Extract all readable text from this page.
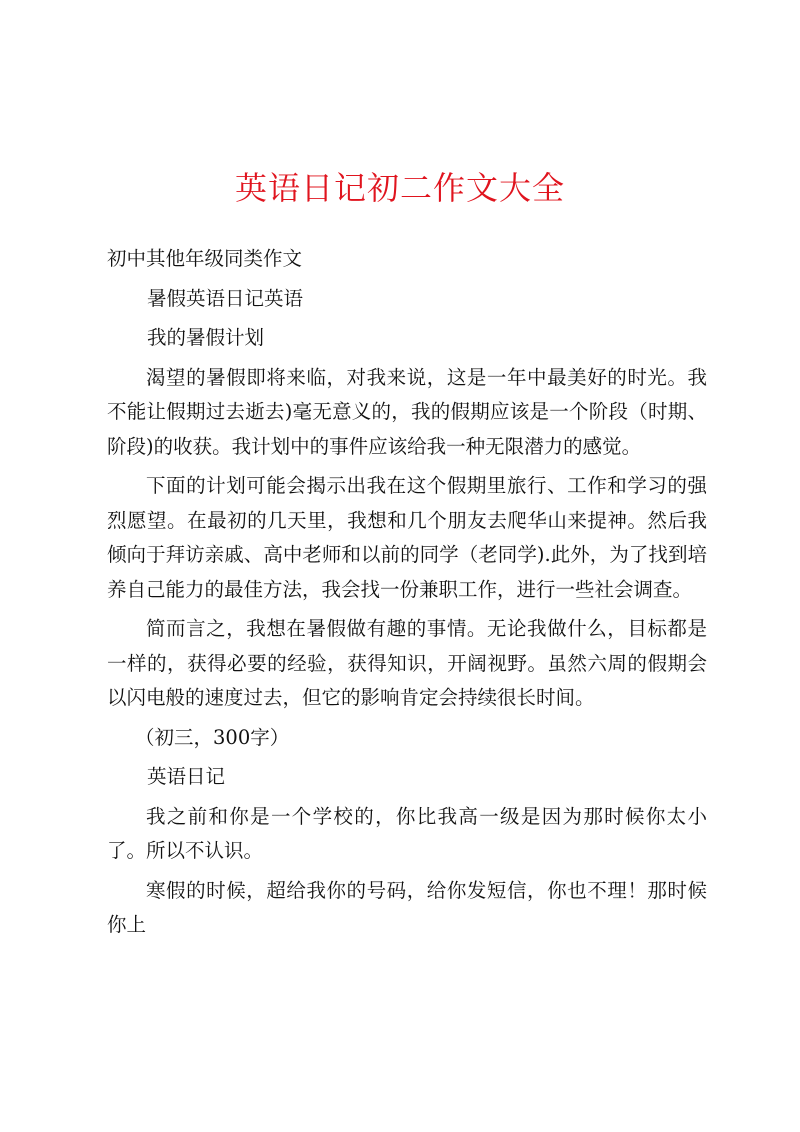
英语日记初二作文大全

初中其他年级同类作文

暑假英语日记英语

我的暑假计划

渴望的暑假即将来临，对我来说，这是一年中最美好的时光。我不能让假期过去逝去)毫无意义的，我的假期应该是一个阶段（时期、阶段)的收获。我计划中的事件应该给我一种无限潜力的感觉。

下面的计划可能会揭示出我在这个假期里旅行、工作和学习的强烈愿望。在最初的几天里，我想和几个朋友去爬华山来提神。然后我倾向于拜访亲戚、高中老师和以前的同学（老同学).此外，为了找到培养自己能力的最佳方法，我会找一份兼职工作，进行一些社会调查。

简而言之，我想在暑假做有趣的事情。无论我做什么，目标都是一样的，获得必要的经验，获得知识，开阔视野。虽然六周的假期会以闪电般的速度过去，但它的影响肯定会持续很长时间。

（初三，300字）

英语日记

我之前和你是一个学校的，你比我高一级是因为那时候你太小了。所以不认识。

寒假的时候，超给我你的号码，给你发短信，你也不理！那时候你上
